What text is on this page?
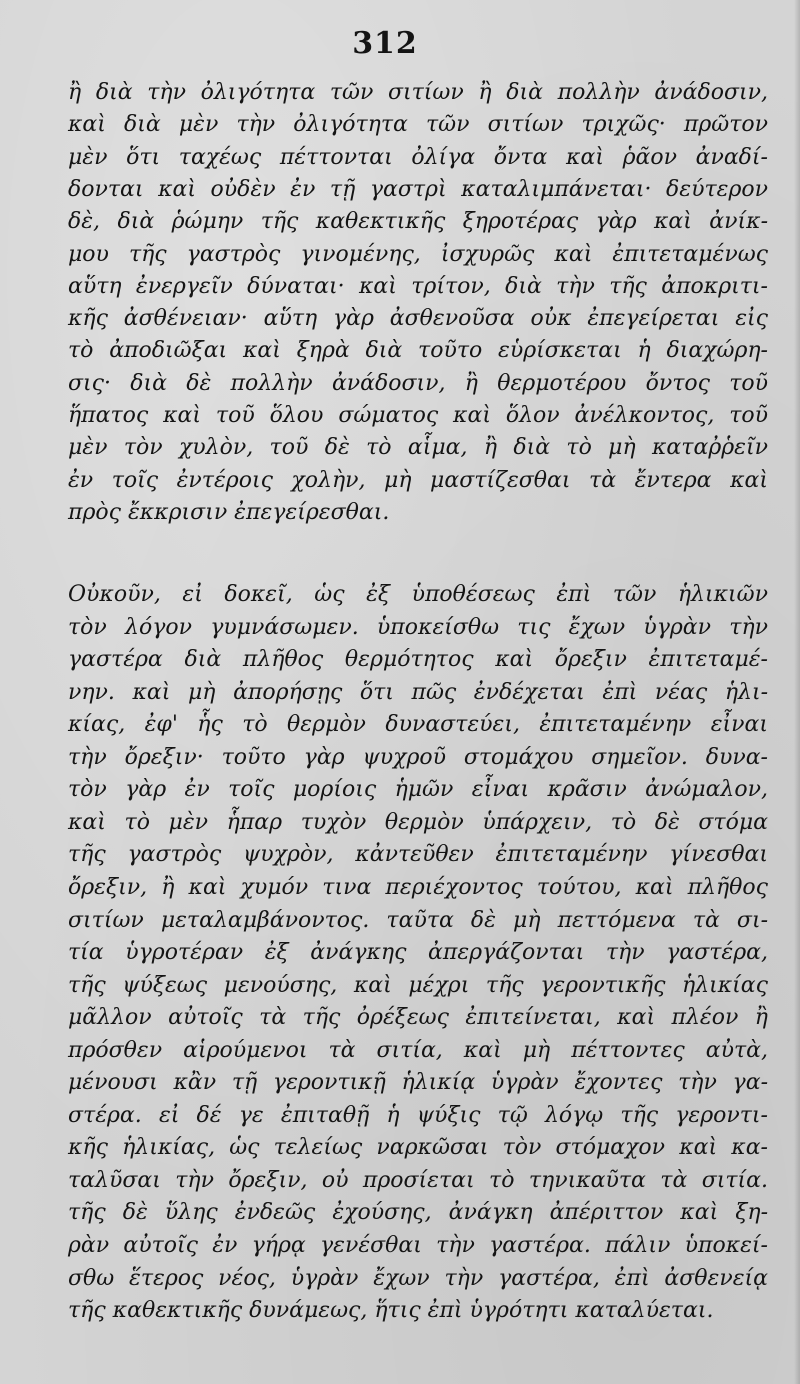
312
ἢ διὰ τὴν ὀλιγότητα τῶν σιτίων ἢ διὰ πολλὴν ἀνάδοσιν,
καὶ διὰ μὲν τὴν ὀλιγότητα τῶν σιτίων τριχῶς· πρῶτον
μὲν ὅτι ταχέως πέττονται ὀλίγα ὄντα καὶ ῥᾶον ἀναδί-
δονται καὶ οὐδὲν ἐν τῇ γαστρὶ καταλιμπάνεται· δεύτερον
δὲ, διὰ ῥώμην τῆς καθεκτικῆς ξηροτέρας γὰρ καὶ ἀνίκ-
μου τῆς γαστρὸς γινομένης, ἰσχυρῶς καὶ ἐπιτεταμένως
αὕτη ἐνεργεῖν δύναται· καὶ τρίτον, διὰ τὴν τῆς ἀποκριτι-
κῆς ἀσθένειαν· αὕτη γὰρ ἀσθενοῦσα οὐκ ἐπεγείρεται εἰς
τὸ ἀποδιῶξαι καὶ ξηρὰ διὰ τοῦτο εὑρίσκεται ἡ διαχώρη-
σις· διὰ δὲ πολλὴν ἀνάδοσιν, ἢ θερμοτέρου ὄντος τοῦ
ἥπατος καὶ τοῦ ὅλου σώματος καὶ ὅλον ἀνέλκοντος, τοῦ
μὲν τὸν χυλὸν, τοῦ δὲ τὸ αἷμα, ἢ διὰ τὸ μὴ καταῤῥεῖν
ἐν τοῖς ἐντέροις χολὴν, μὴ μαστίζεσθαι τὰ ἔντερα καὶ
πρὸς ἔκκρισιν ἐπεγείρεσθαι.
Οὐκοῦν, εἰ δοκεῖ, ὡς ἐξ ὑποθέσεως ἐπὶ τῶν ἡλικιῶν
τὸν λόγον γυμνάσωμεν. ὑποκείσθω τις ἔχων ὑγρὰν τὴν
γαστέρα διὰ πλῆθος θερμότητος καὶ ὄρεξιν ἐπιτεταμέ-
νην. καὶ μὴ ἀπορήσῃς ὅτι πῶς ἐνδέχεται ἐπὶ νέας ἡλι-
κίας, ἐφ' ἧς τὸ θερμὸν δυναστεύει, ἐπιτεταμένην εἶναι
τὴν ὄρεξιν· τοῦτο γὰρ ψυχροῦ στομάχου σημεῖον. δυνα-
τὸν γὰρ ἐν τοῖς μορίοις ἡμῶν εἶναι κρᾶσιν ἀνώμαλον,
καὶ τὸ μὲν ἧπαρ τυχὸν θερμὸν ὑπάρχειν, τὸ δὲ στόμα
τῆς γαστρὸς ψυχρὸν, κἀντεῦθεν ἐπιτεταμένην γίνεσθαι
ὄρεξιν, ἢ καὶ χυμόν τινα περιέχοντος τούτου, καὶ πλῆθος
σιτίων μεταλαμβάνοντος. ταῦτα δὲ μὴ πεττόμενα τὰ σι-
τία ὑγροτέραν ἐξ ἀνάγκης ἀπεργάζονται τὴν γαστέρα,
τῆς ψύξεως μενούσης, καὶ μέχρι τῆς γεροντικῆς ἡλικίας
μᾶλλον αὐτοῖς τὰ τῆς ὀρέξεως ἐπιτείνεται, καὶ πλέον ἢ
πρόσθεν αἱρούμενοι τὰ σιτία, καὶ μὴ πέττοντες αὐτὰ,
μένουσι κἂν τῇ γεροντικῇ ἡλικίᾳ ὑγρὰν ἔχοντες τὴν γα-
στέρα. εἰ δέ γε ἐπιταθῇ ἡ ψύξις τῷ λόγῳ τῆς γεροντι-
κῆς ἡλικίας, ὡς τελείως ναρκῶσαι τὸν στόμαχον καὶ κα-
ταλῦσαι τὴν ὄρεξιν, οὐ προσίεται τὸ τηνικαῦτα τὰ σιτία.
τῆς δὲ ὕλης ἐνδεῶς ἐχούσης, ἀνάγκη ἀπέριττον καὶ ξη-
ρὰν αὐτοῖς ἐν γήρᾳ γενέσθαι τὴν γαστέρα. πάλιν ὑποκεί-
σθω ἕτερος νέος, ὑγρὰν ἔχων τὴν γαστέρα, ἐπὶ ἀσθενείᾳ
τῆς καθεκτικῆς δυνάμεως, ἥτις ἐπὶ ὑγρότητι καταλύεται.
